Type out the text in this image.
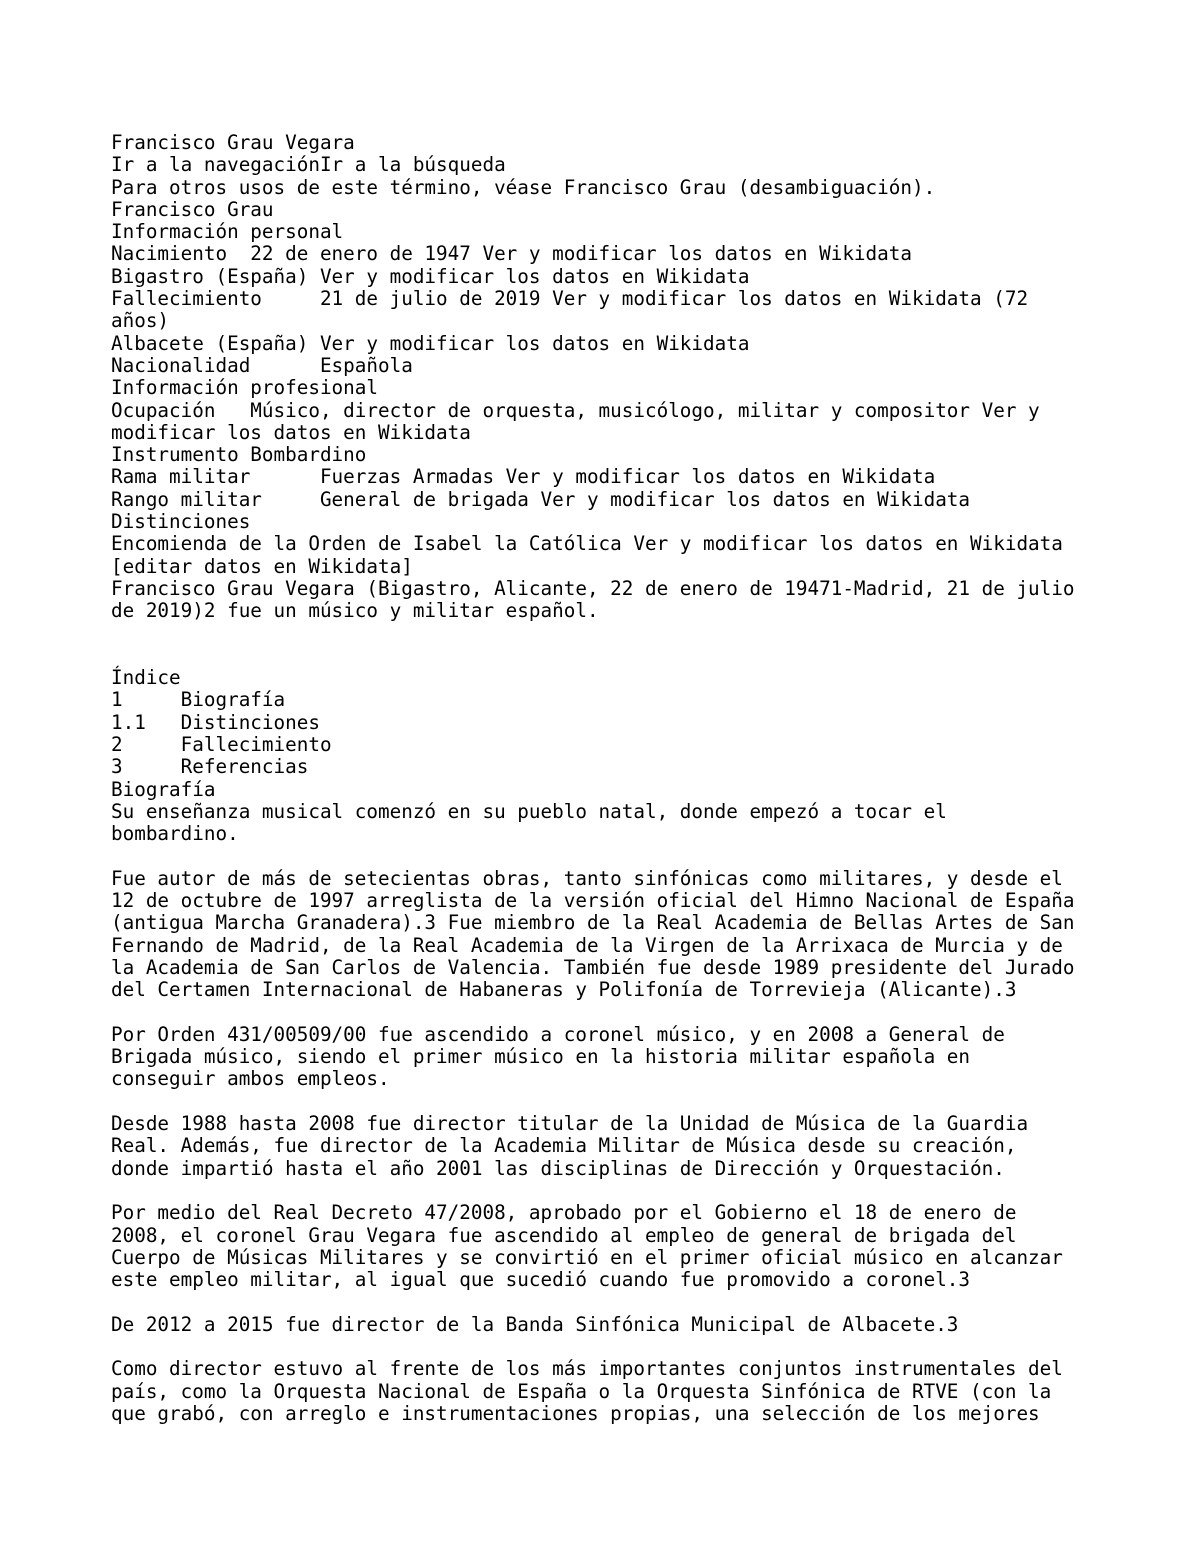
Francisco Grau Vegara
Ir a la navegaciónIr a la búsqueda
Para otros usos de este término, véase Francisco Grau (desambiguación).
Francisco Grau
Información personal
Nacimiento  22 de enero de 1947 Ver y modificar los datos en Wikidata
Bigastro (España) Ver y modificar los datos en Wikidata
Fallecimiento     21 de julio de 2019 Ver y modificar los datos en Wikidata (72
años)
Albacete (España) Ver y modificar los datos en Wikidata
Nacionalidad      Española
Información profesional
Ocupación   Músico, director de orquesta, musicólogo, militar y compositor Ver y
modificar los datos en Wikidata
Instrumento Bombardino
Rama militar      Fuerzas Armadas Ver y modificar los datos en Wikidata
Rango militar     General de brigada Ver y modificar los datos en Wikidata
Distinciones
Encomienda de la Orden de Isabel la Católica Ver y modificar los datos en Wikidata
[editar datos en Wikidata]
Francisco Grau Vegara (Bigastro, Alicante, 22 de enero de 19471-Madrid, 21 de julio
de 2019)2 fue un músico y militar español.
Índice
1     Biografía
1.1   Distinciones
2     Fallecimiento
3     Referencias
Biografía
Su enseñanza musical comenzó en su pueblo natal, donde empezó a tocar el
bombardino.
Fue autor de más de setecientas obras, tanto sinfónicas como militares, y desde el
12 de octubre de 1997 arreglista de la versión oficial del Himno Nacional de España
(antigua Marcha Granadera).3 Fue miembro de la Real Academia de Bellas Artes de San
Fernando de Madrid, de la Real Academia de la Virgen de la Arrixaca de Murcia y de
la Academia de San Carlos de Valencia. También fue desde 1989 presidente del Jurado
del Certamen Internacional de Habaneras y Polifonía de Torrevieja (Alicante).3
Por Orden 431/00509/00 fue ascendido a coronel músico, y en 2008 a General de
Brigada músico, siendo el primer músico en la historia militar española en
conseguir ambos empleos.
Desde 1988 hasta 2008 fue director titular de la Unidad de Música de la Guardia
Real. Además, fue director de la Academia Militar de Música desde su creación,
donde impartió hasta el año 2001 las disciplinas de Dirección y Orquestación.
Por medio del Real Decreto 47/2008, aprobado por el Gobierno el 18 de enero de
2008, el coronel Grau Vegara fue ascendido al empleo de general de brigada del
Cuerpo de Músicas Militares y se convirtió en el primer oficial músico en alcanzar
este empleo militar, al igual que sucedió cuando fue promovido a coronel.3
De 2012 a 2015 fue director de la Banda Sinfónica Municipal de Albacete.3
Como director estuvo al frente de los más importantes conjuntos instrumentales del
país, como la Orquesta Nacional de España o la Orquesta Sinfónica de RTVE (con la
que grabó, con arreglo e instrumentaciones propias, una selección de los mejores
